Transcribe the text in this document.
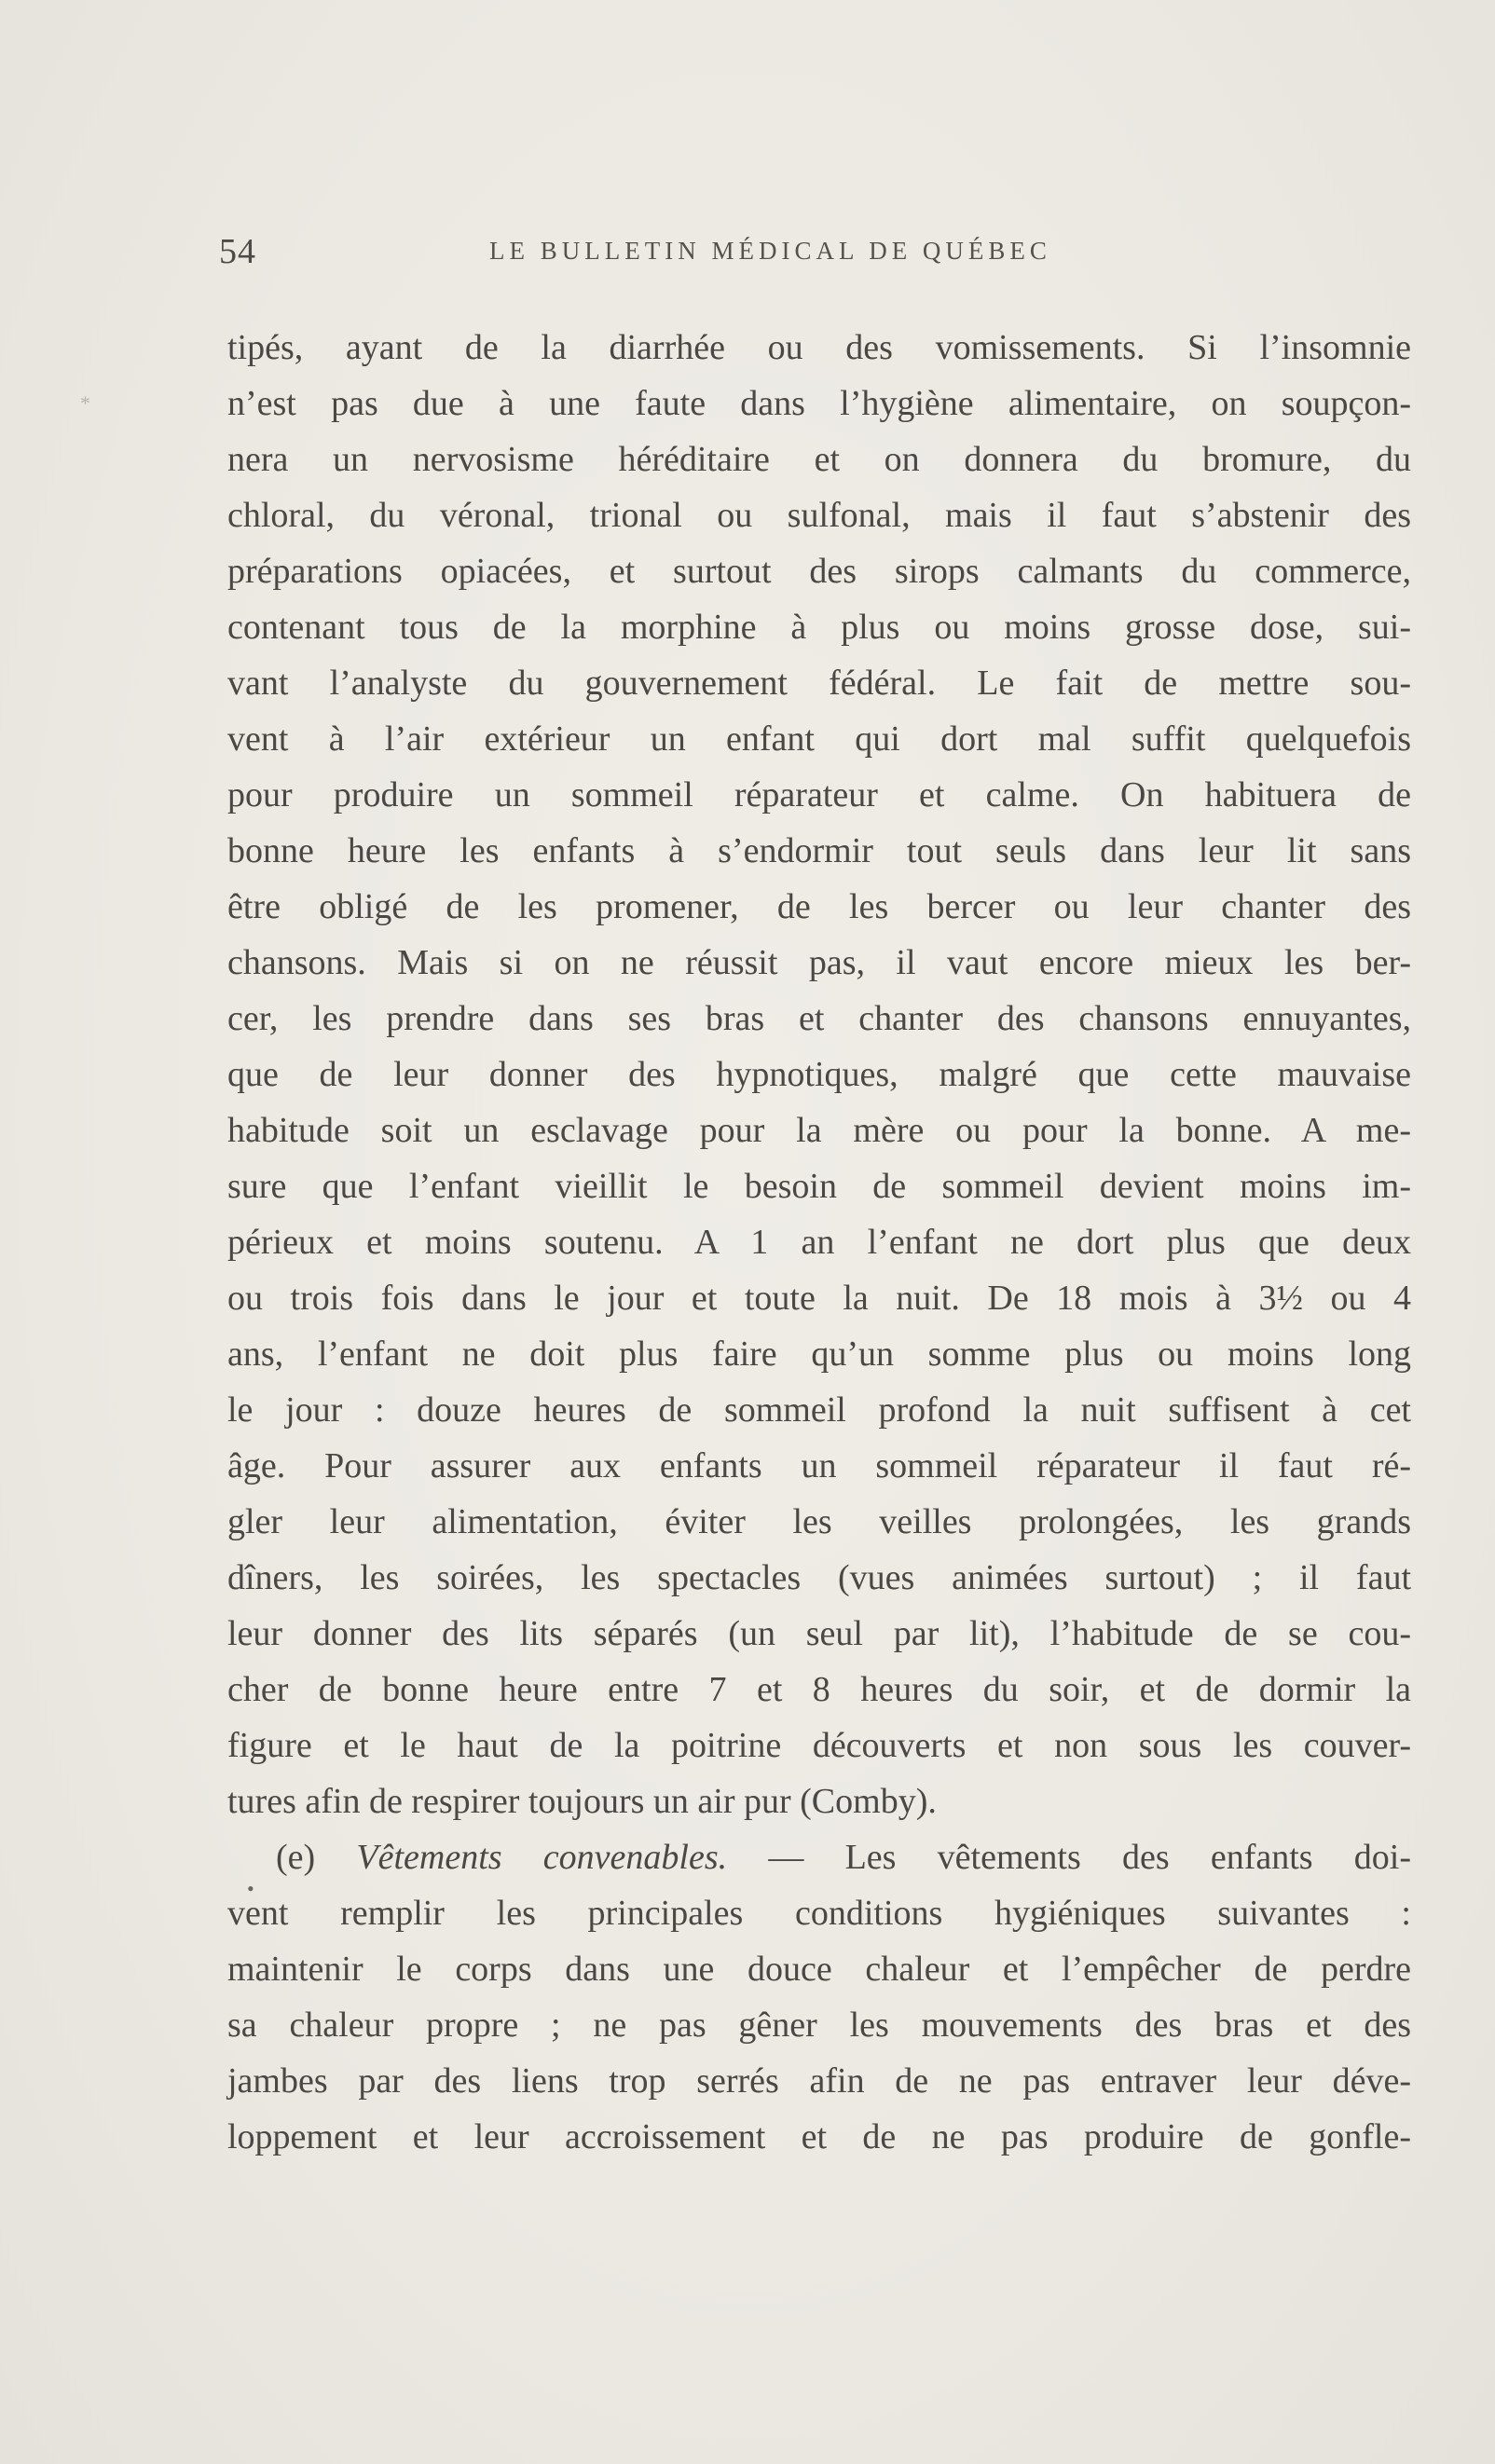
*
•
54	LE BULLETIN MÉDICAL DE QUÉBEC
tipés, ayant de la diarrhée ou des vomissements. Si l’insomnie
n’est pas due à une faute dans l’hygiène alimentaire, on soupçon-
nera un nervosisme héréditaire et on donnera du bromure, du
chloral, du véronal, trional ou sulfonal, mais il faut s’abstenir des
préparations opiacées, et surtout des sirops calmants du commerce,
contenant tous de la morphine à plus ou moins grosse dose, sui-
vant l’analyste du gouvernement fédéral. Le fait de mettre sou-
vent à l’air extérieur un enfant qui dort mal suffit quelquefois
pour produire un sommeil réparateur et calme. On habituera de
bonne heure les enfants à s’endormir tout seuls dans leur lit sans
être obligé de les promener, de les bercer ou leur chanter des
chansons. Mais si on ne réussit pas, il vaut encore mieux les ber-
cer, les prendre dans ses bras et chanter des chansons ennuyantes,
que de leur donner des hypnotiques, malgré que cette mauvaise
habitude soit un esclavage pour la mère ou pour la bonne. A me-
sure que l’enfant vieillit le besoin de sommeil devient moins im-
périeux et moins soutenu. A 1 an l’enfant ne dort plus que deux
ou trois fois dans le jour et toute la nuit. De 18 mois à 3½ ou 4
ans, l’enfant ne doit plus faire qu’un somme plus ou moins long
le jour : douze heures de sommeil profond la nuit suffisent à cet
âge. Pour assurer aux enfants un sommeil réparateur il faut ré-
gler leur alimentation, éviter les veilles prolongées, les grands
dîners, les soirées, les spectacles (vues animées surtout) ; il faut
leur donner des lits séparés (un seul par lit), l’habitude de se cou-
cher de bonne heure entre 7 et 8 heures du soir, et de dormir la
figure et le haut de la poitrine découverts et non sous les couver-
tures afin de respirer toujours un air pur (Comby).
(e) Vêtements convenables. — Les vêtements des enfants doi-
vent remplir les principales conditions hygiéniques suivantes :
maintenir le corps dans une douce chaleur et l’empêcher de perdre
sa chaleur propre ; ne pas gêner les mouvements des bras et des
jambes par des liens trop serrés afin de ne pas entraver leur déve-
loppement et leur accroissement et de ne pas produire de gonfle-
